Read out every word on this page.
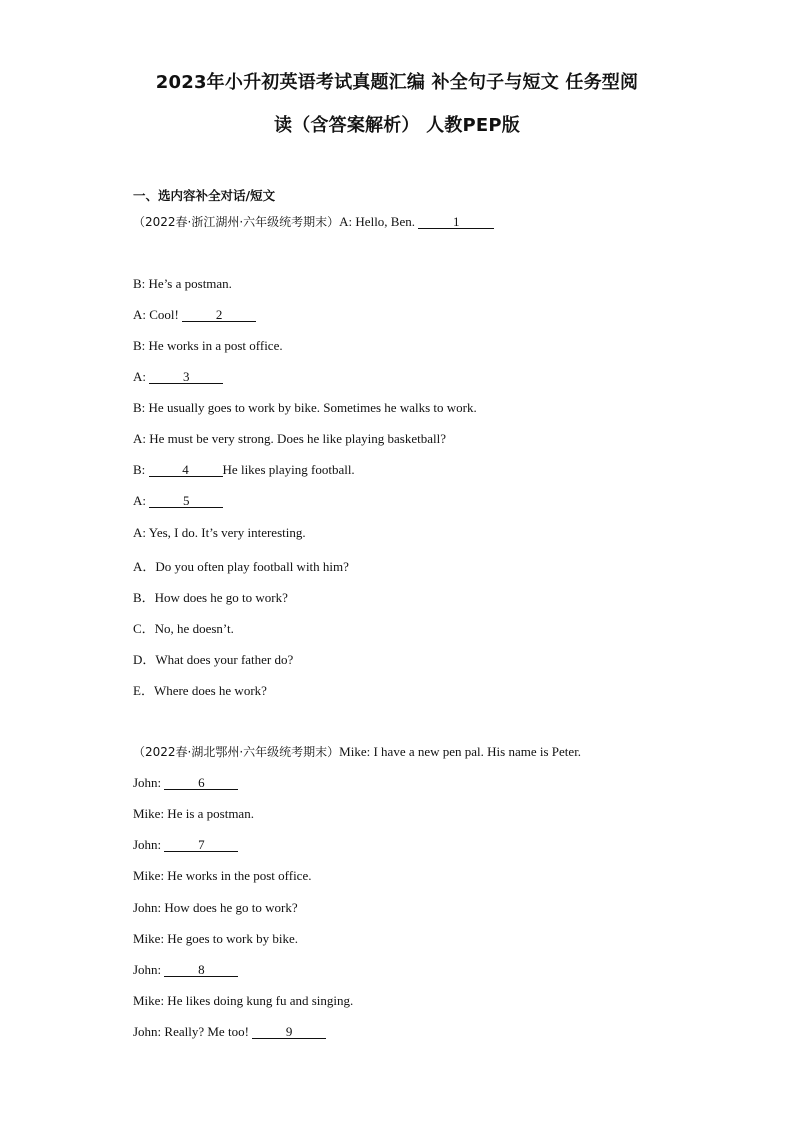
2023年小升初英语考试真题汇编 补全句子与短文 任务型阅
读（含答案解析） 人教PEP版
一、选内容补全对话/短文
（2022春·浙江湖州·六年级统考期末）A: Hello, Ben.	1
B: He’s a postman.
A: Cool!	2
B: He works in a post office.
A:	3
B: He usually goes to work by bike. Sometimes he walks to work.
A: He must be very strong. Does he like playing basketball?
B:	4	He likes playing football.
A:	5
A: Yes, I do. It’s very interesting.
A．Do you often play football with him?
B．How does he go to work?
C．No, he doesn’t.
D．What does your father do?
E．Where does he work?
（2022春·湖北鄂州·六年级统考期末）Mike: I have a new pen pal. His name is Peter.
John:	6
Mike: He is a postman.
John:	7
Mike: He works in the post office.
John: How does he go to work?
Mike: He goes to work by bike.
John:	8
Mike: He likes doing kung fu and singing.
John: Really? Me too!	9
